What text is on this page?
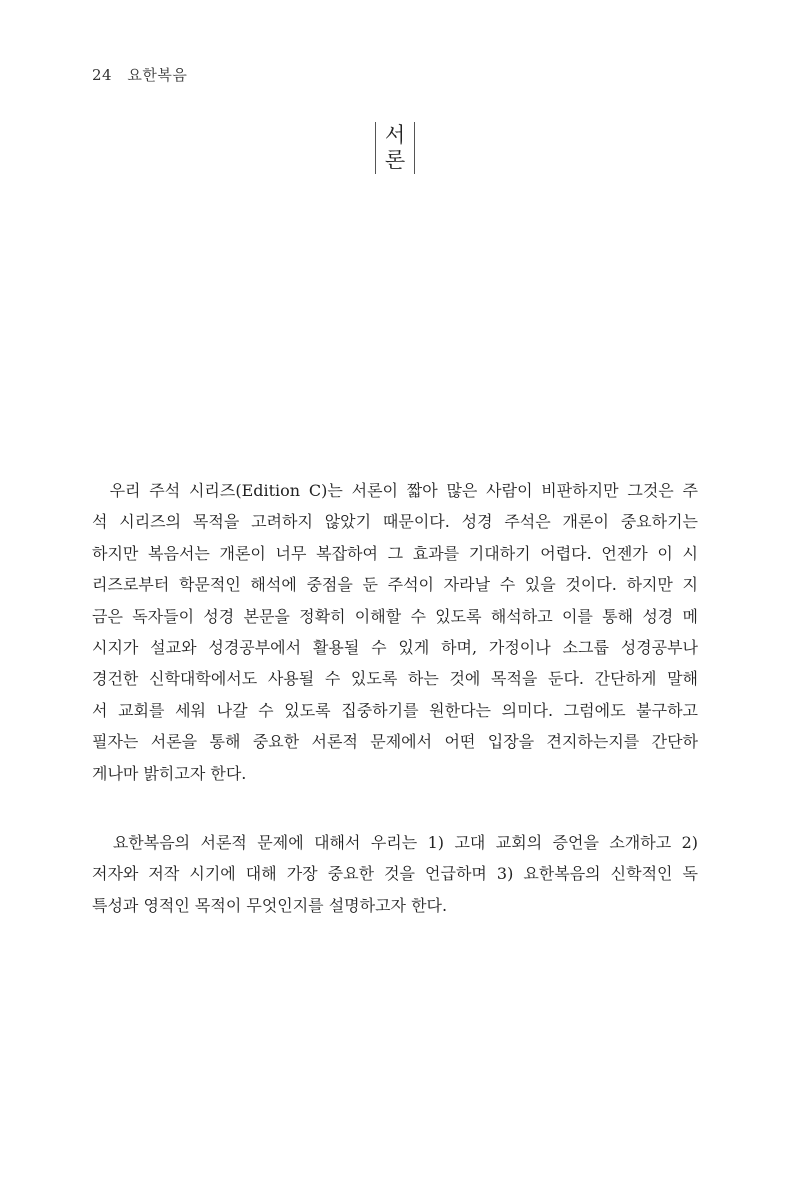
24 요한복음
서
론
우리 주석 시리즈(Edition C)는 서론이 짧아 많은 사람이 비판하지만 그것은 주
석 시리즈의 목적을 고려하지 않았기 때문이다. 성경 주석은 개론이 중요하기는
하지만 복음서는 개론이 너무 복잡하여 그 효과를 기대하기 어렵다. 언젠가 이 시
리즈로부터 학문적인 해석에 중점을 둔 주석이 자라날 수 있을 것이다. 하지만 지
금은 독자들이 성경 본문을 정확히 이해할 수 있도록 해석하고 이를 통해 성경 메
시지가 설교와 성경공부에서 활용될 수 있게 하며, 가정이나 소그룹 성경공부나
경건한 신학대학에서도 사용될 수 있도록 하는 것에 목적을 둔다. 간단하게 말해
서 교회를 세워 나갈 수 있도록 집중하기를 원한다는 의미다. 그럼에도 불구하고
필자는 서론을 통해 중요한 서론적 문제에서 어떤 입장을 견지하는지를 간단하
게나마 밝히고자 한다.
요한복음의 서론적 문제에 대해서 우리는 1) 고대 교회의 증언을 소개하고 2)
저자와 저작 시기에 대해 가장 중요한 것을 언급하며 3) 요한복음의 신학적인 독
특성과 영적인 목적이 무엇인지를 설명하고자 한다.
